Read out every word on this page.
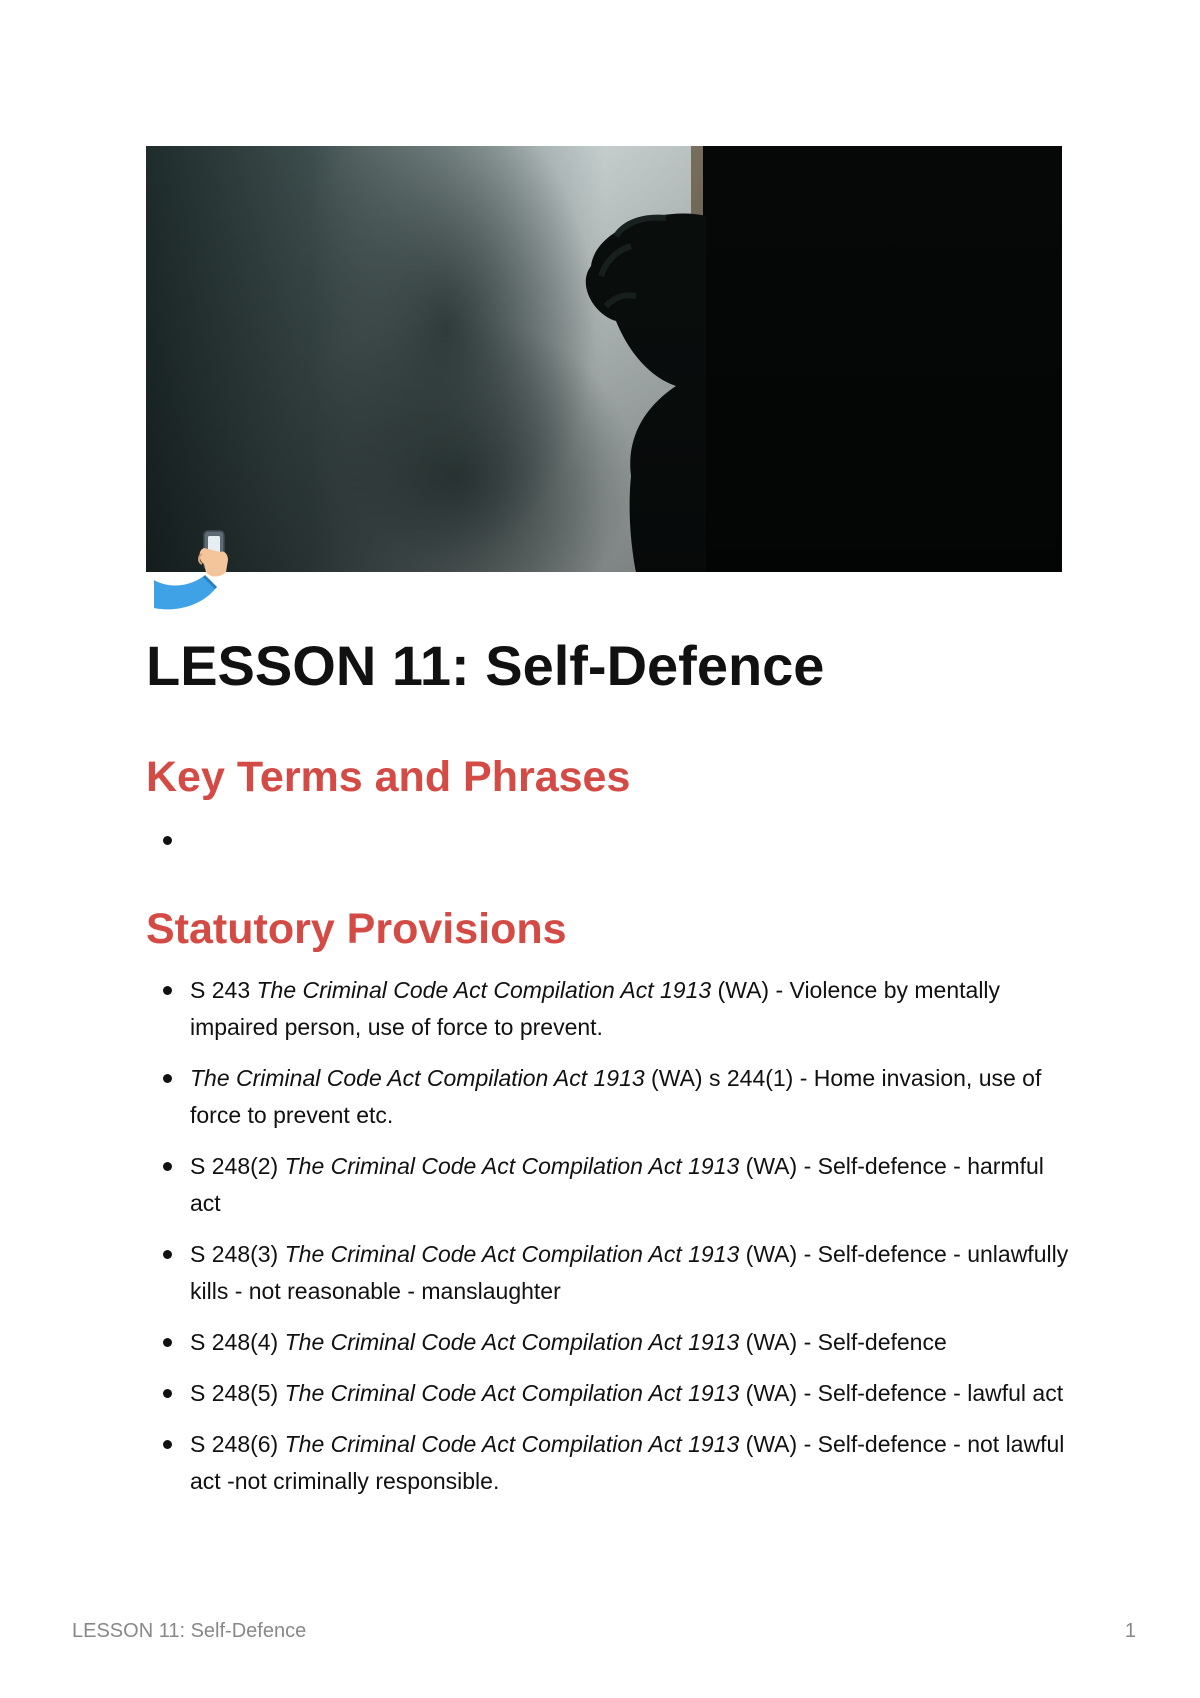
LESSON 11: Self-Defence
Key Terms and Phrases
Statutory Provisions
S 243 The Criminal Code Act Compilation Act 1913 (WA) - Violence by mentally impaired person, use of force to prevent.
The Criminal Code Act Compilation Act 1913 (WA) s 244(1) - Home invasion, use of force to prevent etc.
S 248(2) The Criminal Code Act Compilation Act 1913 (WA) - Self-defence - harmful act
S 248(3) The Criminal Code Act Compilation Act 1913 (WA) - Self-defence - unlawfully kills - not reasonable - manslaughter
S 248(4) The Criminal Code Act Compilation Act 1913 (WA) - Self-defence
S 248(5) The Criminal Code Act Compilation Act 1913 (WA) - Self-defence - lawful act
S 248(6) The Criminal Code Act Compilation Act 1913 (WA) - Self-defence - not lawful act -not criminally responsible.
LESSON 11: Self-Defence	1
